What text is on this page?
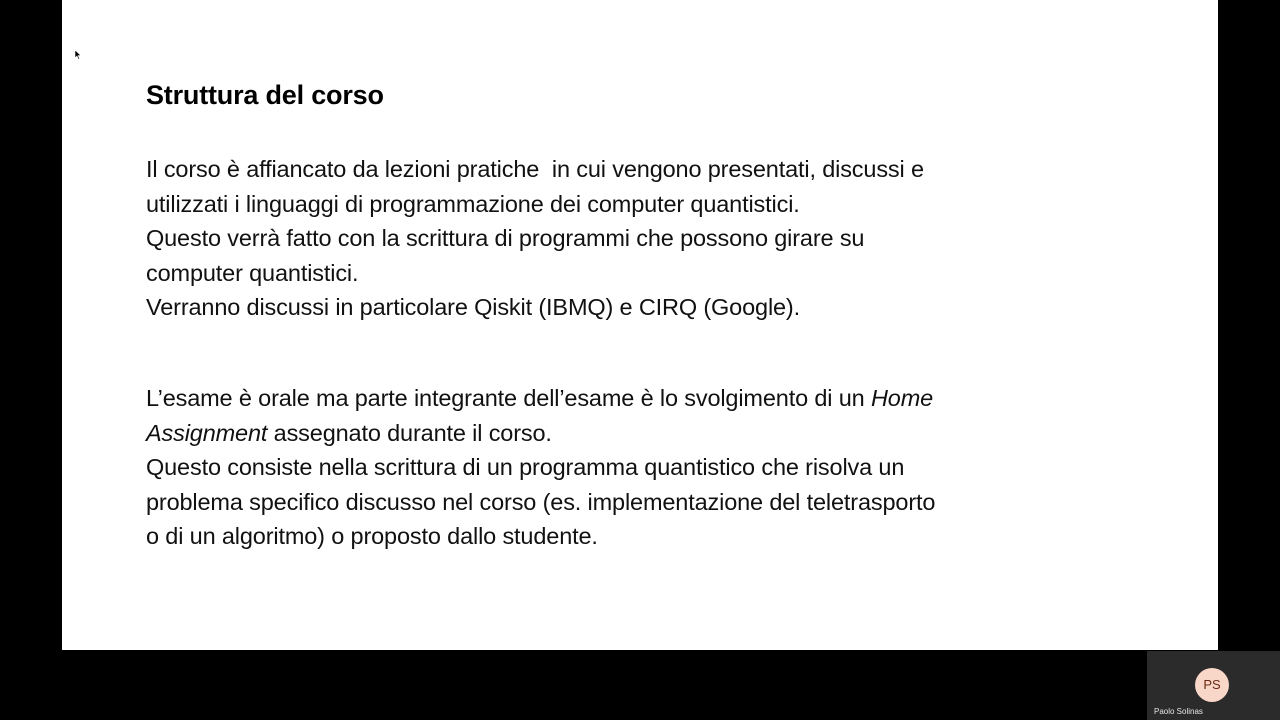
Struttura del corso

Il corso è affiancato da lezioni pratiche  in cui vengono presentati, discussi e
utilizzati i linguaggi di programmazione dei computer quantistici.
Questo verrà fatto con la scrittura di programmi che possono girare su
computer quantistici.
Verranno discussi in particolare Qiskit (IBMQ) e CIRQ (Google).

L’esame è orale ma parte integrante dell’esame è lo svolgimento di un Home
Assignment assegnato durante il corso.
Questo consiste nella scrittura di un programma quantistico che risolva un
problema specifico discusso nel corso (es. implementazione del teletrasporto
o di un algoritmo) o proposto dallo studente.

PS
Paolo Solinas
